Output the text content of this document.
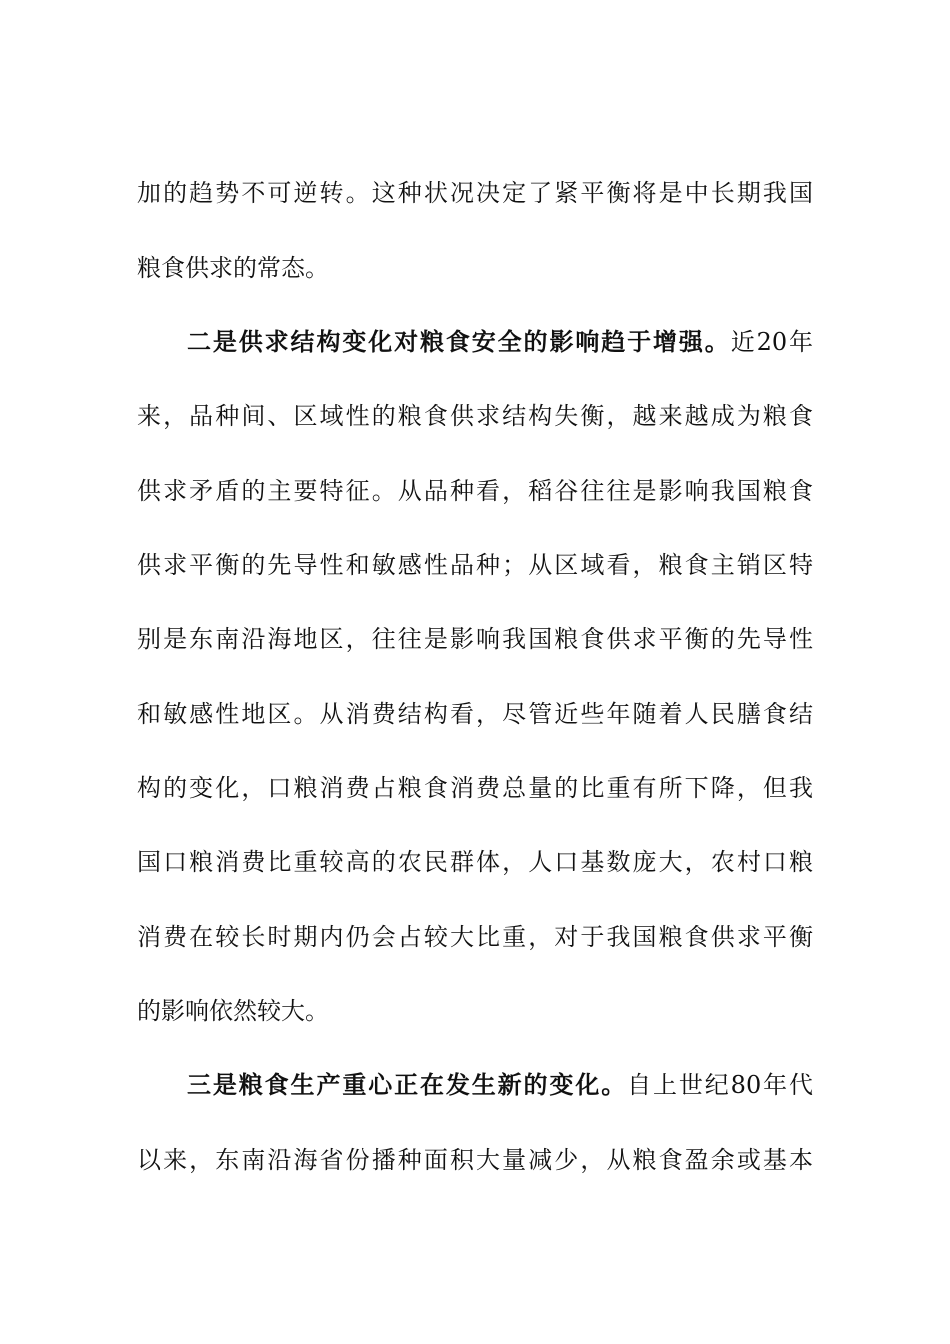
加的趋势不可逆转。这种状况决定了紧平衡将是中长期我国
粮食供求的常态。
二是供求结构变化对粮食安全的影响趋于增强。近20年
来，品种间、区域性的粮食供求结构失衡，越来越成为粮食
供求矛盾的主要特征。从品种看，稻谷往往是影响我国粮食
供求平衡的先导性和敏感性品种；从区域看，粮食主销区特
别是东南沿海地区，往往是影响我国粮食供求平衡的先导性
和敏感性地区。从消费结构看，尽管近些年随着人民膳食结
构的变化，口粮消费占粮食消费总量的比重有所下降，但我
国口粮消费比重较高的农民群体，人口基数庞大，农村口粮
消费在较长时期内仍会占较大比重，对于我国粮食供求平衡
的影响依然较大。
三是粮食生产重心正在发生新的变化。自上世纪80年代
以来，东南沿海省份播种面积大量减少，从粮食盈余或基本
